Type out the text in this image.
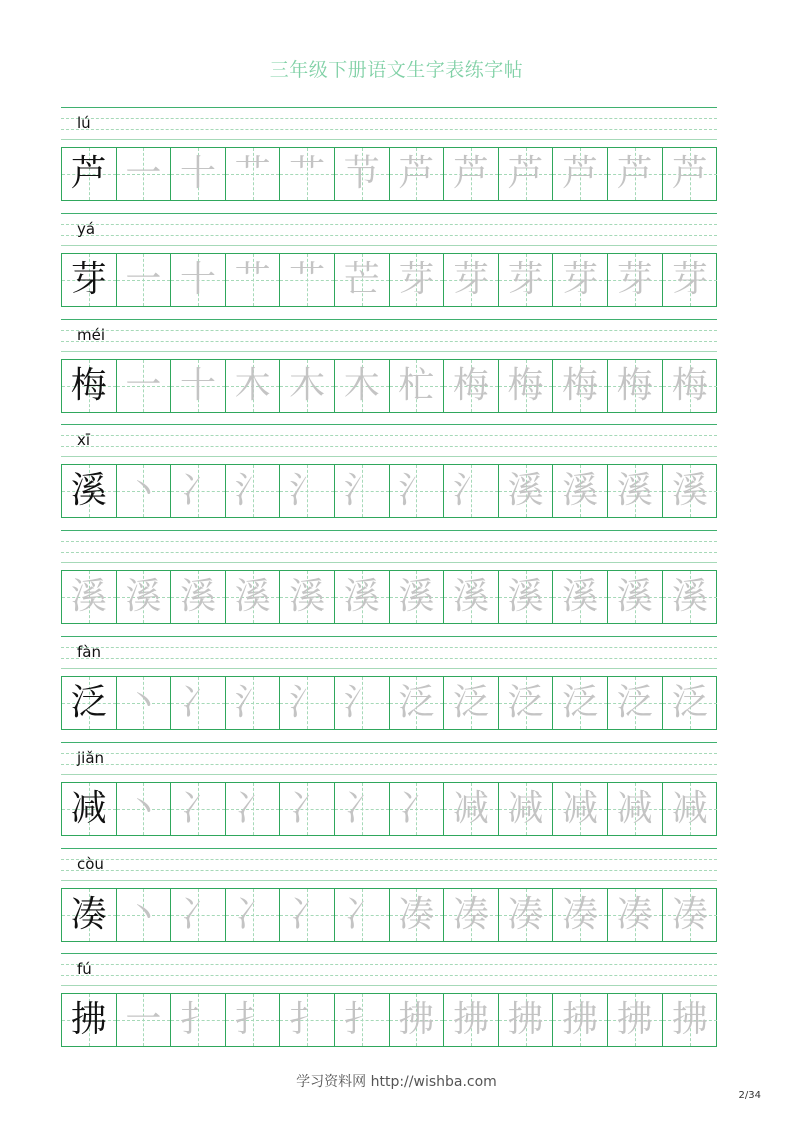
三年级下册语文生字表练字帖
lú
芦 一 十 艹 艹 节 芦 芦 芦 芦 芦 芦
yá
芽 一 十 艹 艹 芒 芽 芽 芽 芽 芽 芽
méi
梅 一 十 木 木 木 杧 梅 梅 梅 梅 梅
xī
溪 丶 冫 氵 氵 氵 氵 氵 溪 溪 溪 溪
溪 溪 溪 溪 溪 溪 溪 溪 溪 溪 溪 溪
fàn
泛 丶 冫 氵 氵 氵 泛 泛 泛 泛 泛 泛
jiǎn
减 丶 冫 冫 冫 冫 冫 减 减 减 减 减
còu
凑 丶 冫 冫 冫 冫 凑 凑 凑 凑 凑 凑
fú
拂 一 扌 扌 扌 扌 拂 拂 拂 拂 拂 拂
学习资料网 http://wishba.com
2/34
